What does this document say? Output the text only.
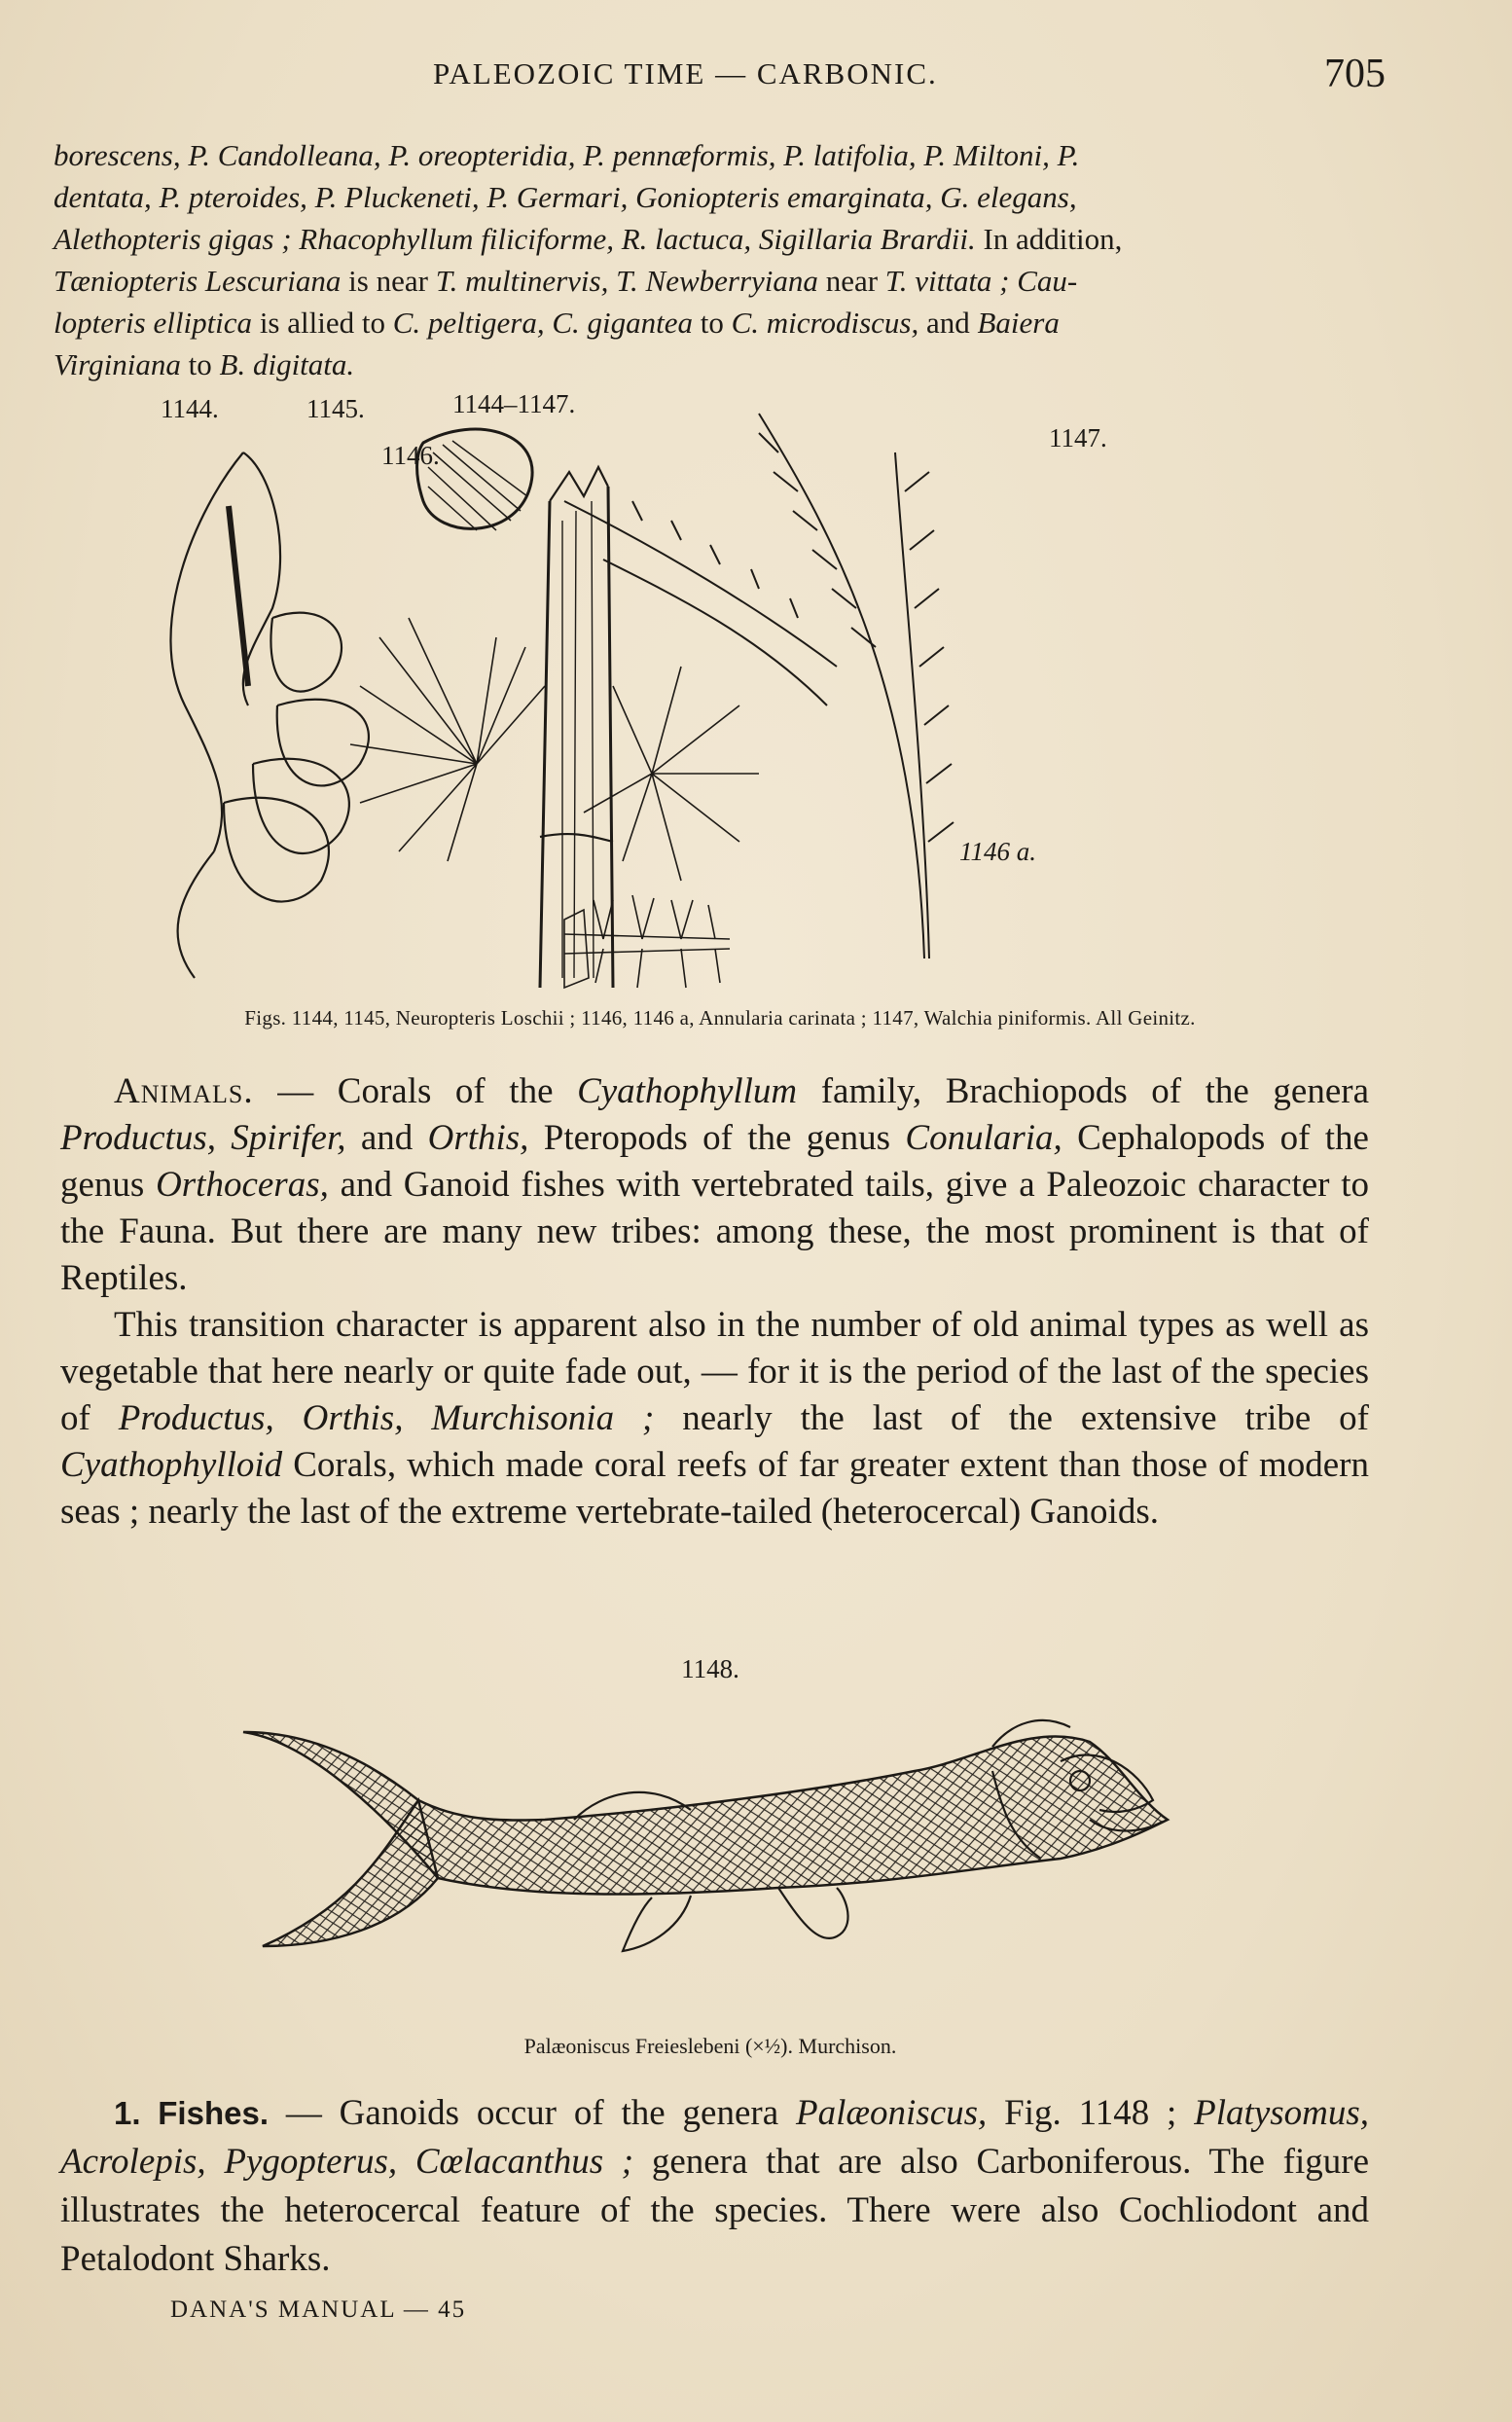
PALEOZOIC TIME — CARBONIC.	705

borescens, P. Candolleana, P. oreopteridia, P. pennæformis, P. latifolia, P. Miltoni, P.

dentata, P. pteroides, P. Pluckeneti, P. Germari, Goniopteris emarginata, G. elegans,

Alethopteris gigas ; Rhacophyllum filiciforme, R. lactuca, Sigillaria Brardii. In addition,

Tæniopteris Lescuriana is near T. multinervis, T. Newberryiana near T. vittata ; Cau-

lopteris elliptica is allied to C. peltigera, C. gigantea to C. microdiscus, and Baiera

Virginiana to B. digitata.

1144.	1145.	1144–1147.
1146.
1147.
1146 a.
Figs. 1144, 1145, Neuropteris Loschii ; 1146, 1146 a, Annularia carinata ; 1147, Walchia piniformis. All Geinitz.

Animals. — Corals of the Cyathophyllum family, Brachiopods of the genera Productus, Spirifer, and Orthis, Pteropods of the genus Conularia, Cephalopods of the genus Orthoceras, and Ganoid fishes with vertebrated tails, give a Paleozoic character to the Fauna. But there are many new tribes: among these, the most prominent is that of Reptiles.

This transition character is apparent also in the number of old animal types as well as vegetable that here nearly or quite fade out, — for it is the period of the last of the species of Productus, Orthis, Murchisonia ; nearly the last of the extensive tribe of Cyathophylloid Corals, which made coral reefs of far greater extent than those of modern seas ; nearly the last of the extreme vertebrate-tailed (heterocercal) Ganoids.

1148.
Palæoniscus Freieslebeni (×½). Murchison.

1. Fishes. — Ganoids occur of the genera Palæoniscus, Fig. 1148 ; Platysomus, Acrolepis, Pygopterus, Cœlacanthus ; genera that are also Carboniferous. The figure illustrates the heterocercal feature of the species. There were also Cochliodont and Petalodont Sharks.

DANA'S MANUAL — 45
